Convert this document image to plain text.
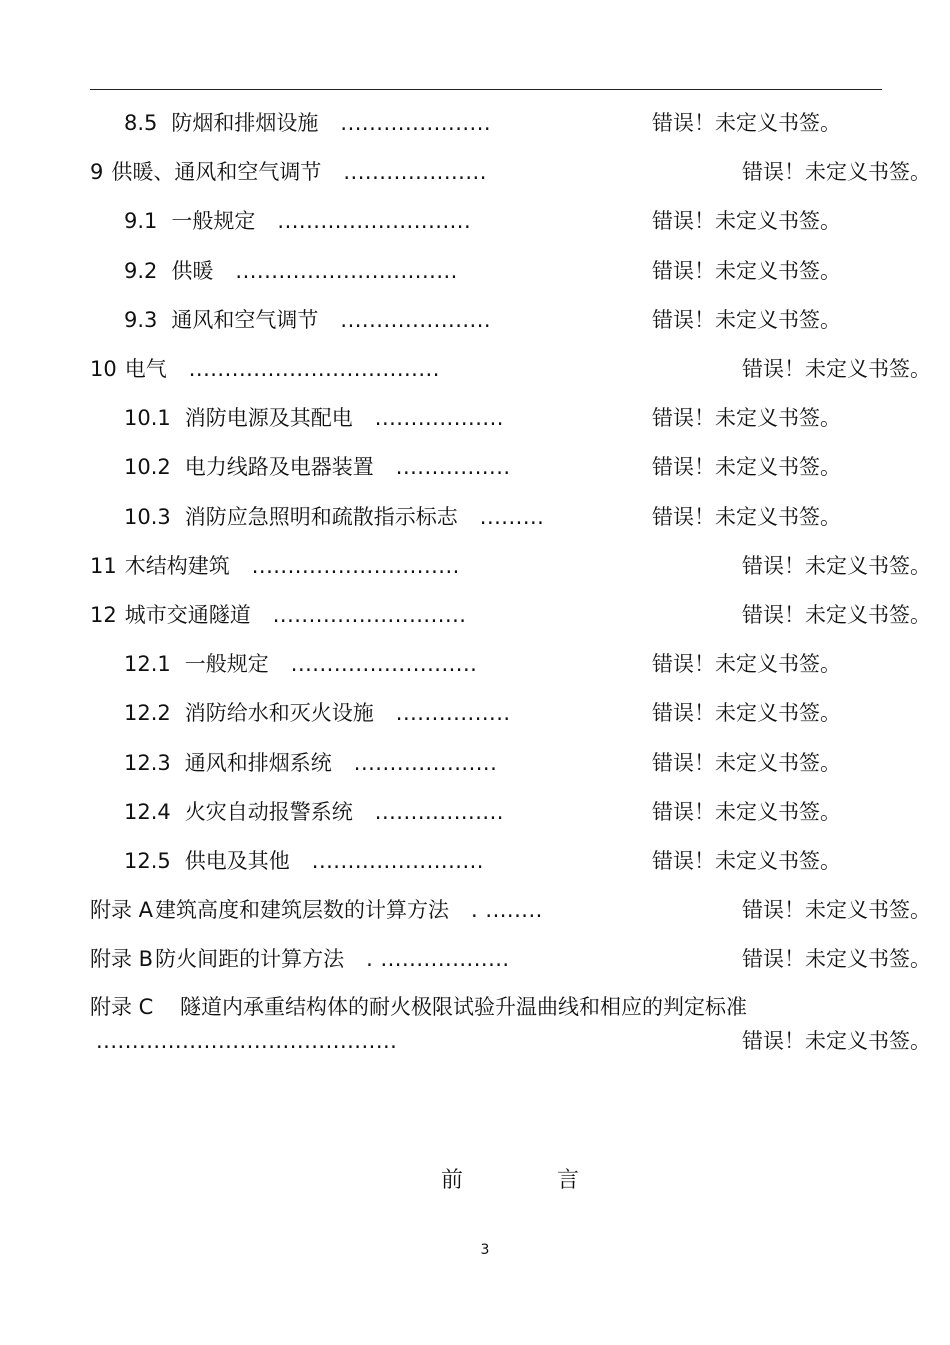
8.5 防烟和排烟设施 .....................	错误！未定义书签。
9 供暖、通风和空气调节 ....................	错误！未定义书签。
9.1 一般规定 ...........................	错误！未定义书签。
9.2 供暖 ...............................	错误！未定义书签。
9.3 通风和空气调节 .....................	错误！未定义书签。
10 电气 ...................................	错误！未定义书签。
10.1 消防电源及其配电 ..................	错误！未定义书签。
10.2 电力线路及电器装置 ................	错误！未定义书签。
10.3 消防应急照明和疏散指示标志 .........	错误！未定义书签。
11 木结构建筑 .............................	错误！未定义书签。
12 城市交通隧道 ...........................	错误！未定义书签。
12.1 一般规定 ..........................	错误！未定义书签。
12.2 消防给水和灭火设施 ................	错误！未定义书签。
12.3 通风和排烟系统 ....................	错误！未定义书签。
12.4 火灾自动报警系统 ..................	错误！未定义书签。
12.5 供电及其他 ........................	错误！未定义书签。
附录 A建筑高度和建筑层数的计算方法 . ........	错误！未定义书签。
附录 B防火间距的计算方法 . ..................	错误！未定义书签。
附录 C 隧道内承重结构体的耐火极限试验升温曲线和相应的判定标准
..........................................	错误！未定义书签。
前	言
3
